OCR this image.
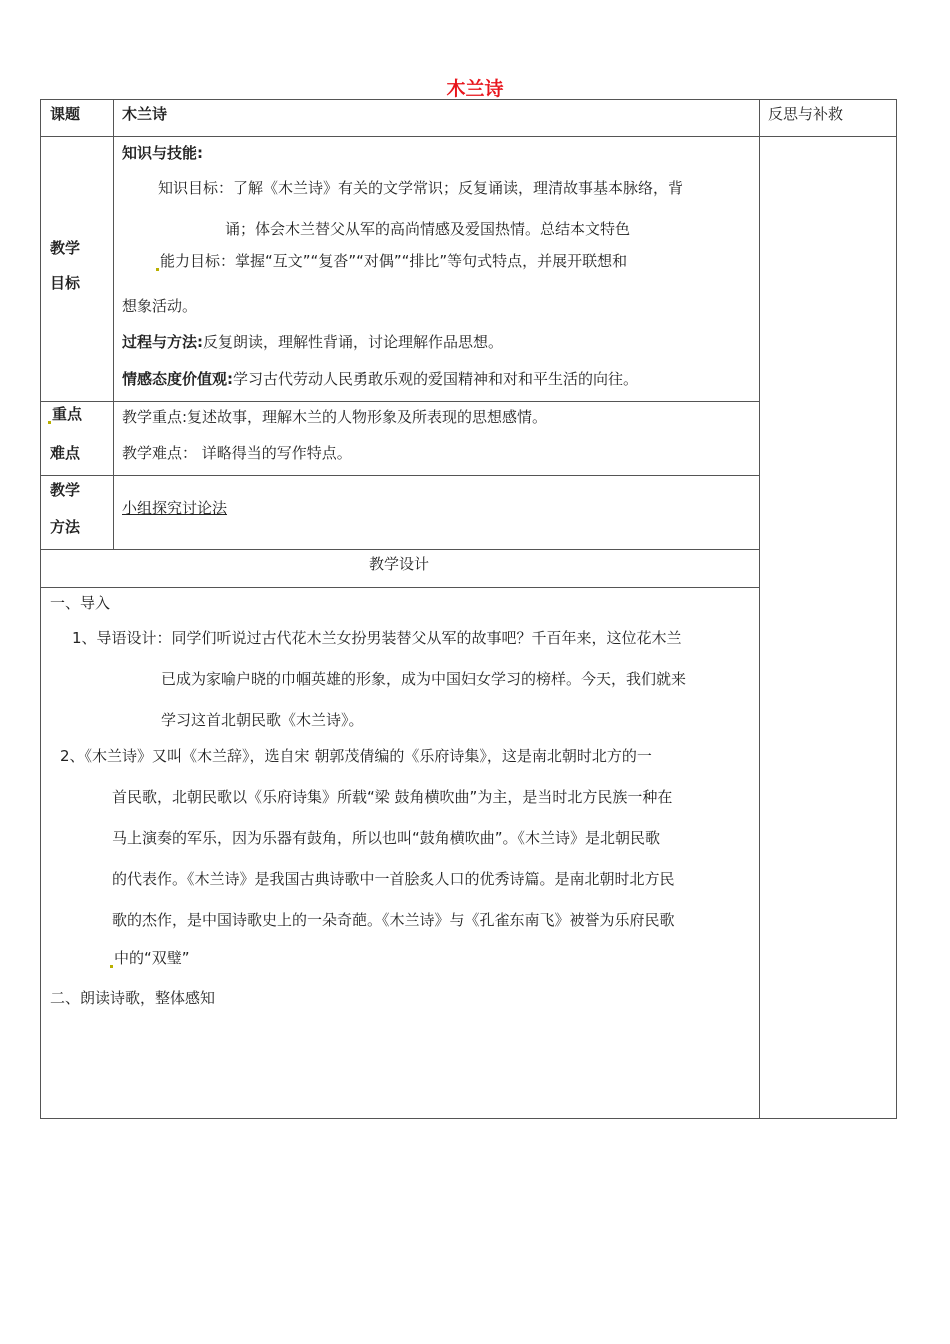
木兰诗
课题	木兰诗	反思与补救
教学
目标
知识与技能:
知识目标：了解《木兰诗》有关的文学常识；反复诵读，理清故事基本脉络，背
诵；体会木兰替父从军的高尚情感及爱国热情。总结本文特色
能力目标：掌握“互文”“复沓”“对偶”“排比”等句式特点，并展开联想和
想象活动。
过程与方法:反复朗读，理解性背诵，讨论理解作品思想。
情感态度价值观:学习古代劳动人民勇敢乐观的爱国精神和对和平生活的向往。
重点
难点
教学重点:复述故事，理解木兰的人物形象及所表现的思想感情。
教学难点： 详略得当的写作特点。
教学
方法
小组探究讨论法
教学设计
一、导入
1、导语设计：同学们听说过古代花木兰女扮男装替父从军的故事吧？千百年来，这位花木兰
已成为家喻户晓的巾帼英雄的形象，成为中国妇女学习的榜样。今天，我们就来
学习这首北朝民歌《木兰诗》。
2、《木兰诗》又叫《木兰辞》，选自宋 朝郭茂倩编的《乐府诗集》，这是南北朝时北方的一
首民歌，北朝民歌以《乐府诗集》所载“梁 鼓角横吹曲”为主，是当时北方民族一种在
马上演奏的军乐，因为乐器有鼓角，所以也叫“鼓角横吹曲”。《木兰诗》是北朝民歌
的代表作。《木兰诗》是我国古典诗歌中一首脍炙人口的优秀诗篇。是南北朝时北方民
歌的杰作，是中国诗歌史上的一朵奇葩。《木兰诗》与《孔雀东南飞》被誉为乐府民歌
中的“双璧”
二、朗读诗歌，整体感知
